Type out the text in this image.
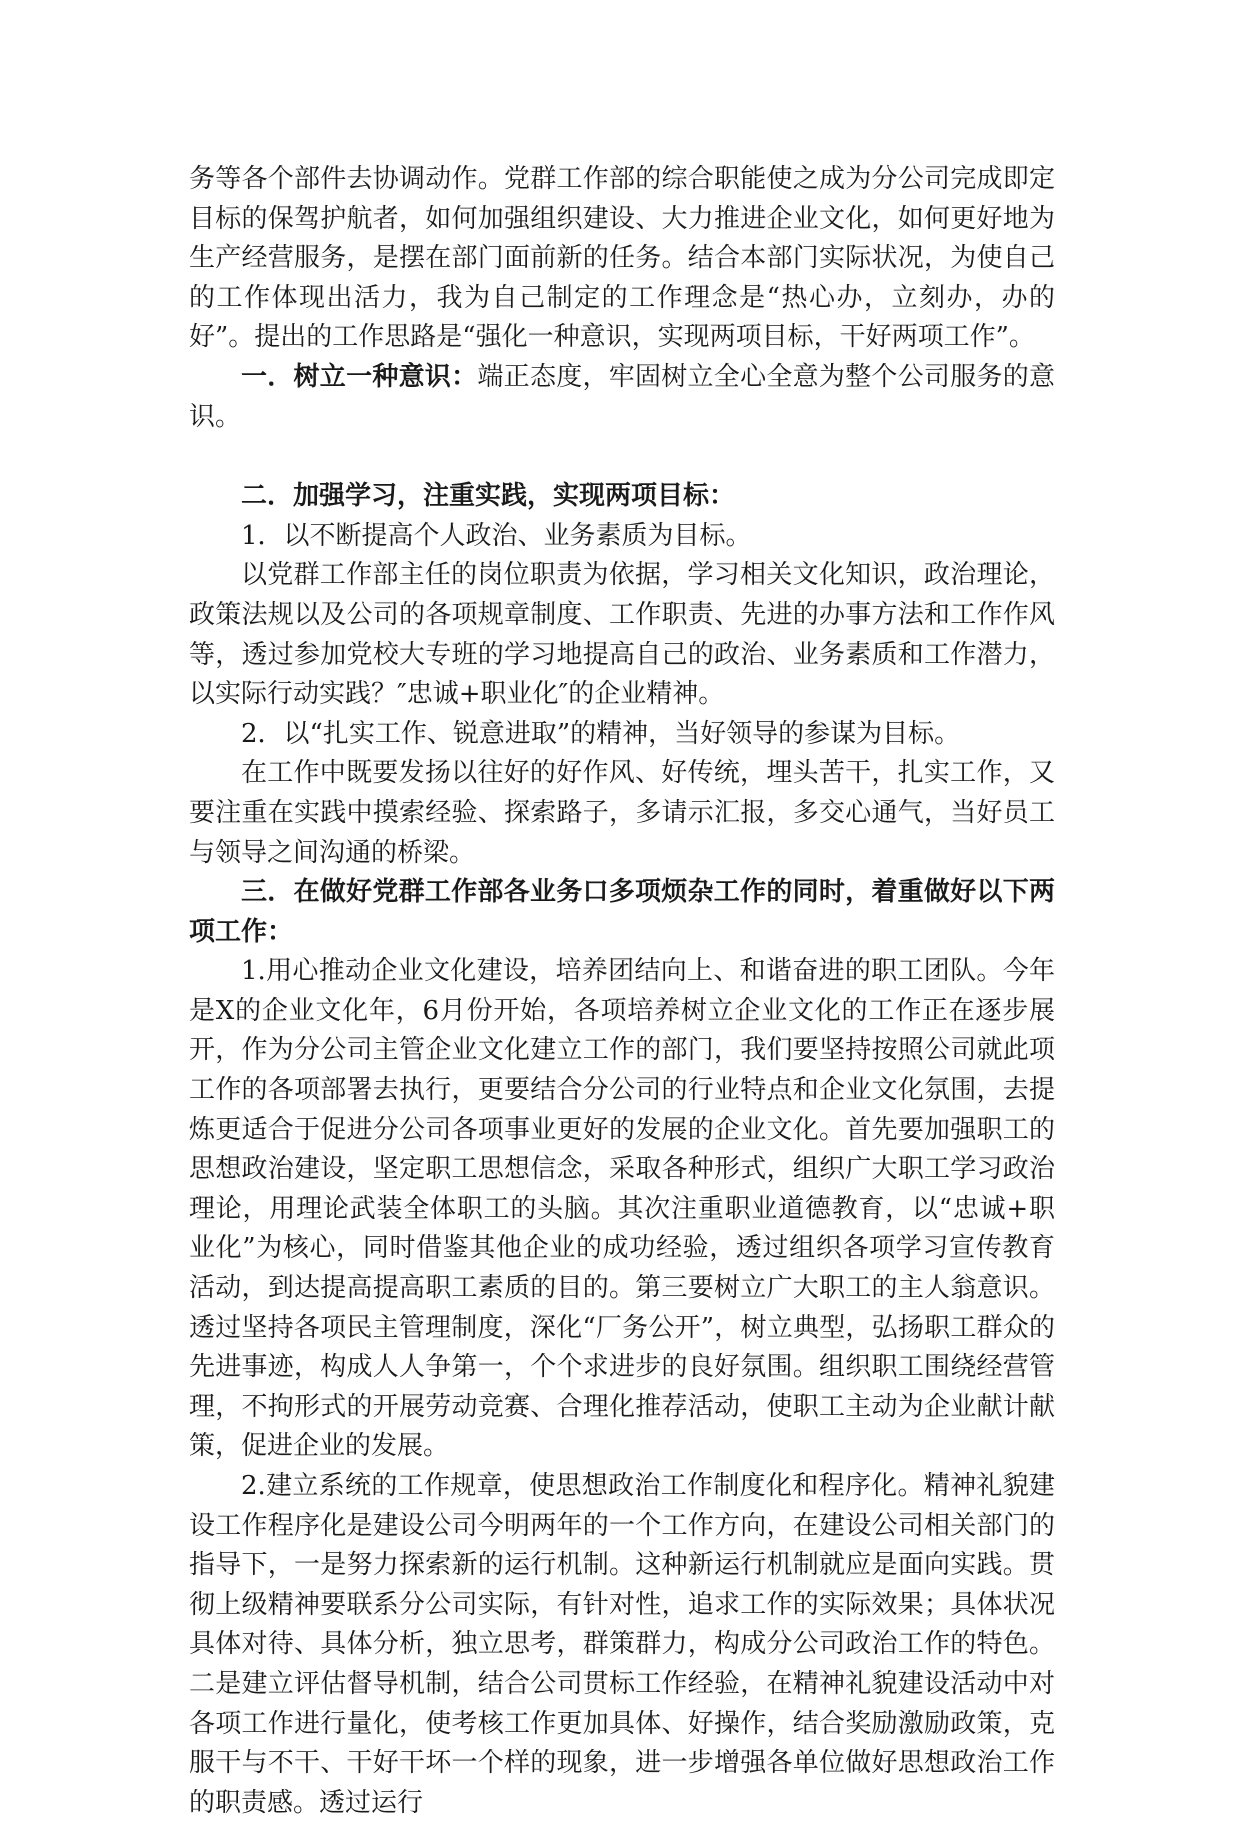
务等各个部件去协调动作。党群工作部的综合职能使之成为分公司完成即定目标的保驾护航者，如何加强组织建设、大力推进企业文化，如何更好地为生产经营服务，是摆在部门面前新的任务。结合本部门实际状况，为使自己的工作体现出活力，我为自己制定的工作理念是“热心办，立刻办，办的好”。提出的工作思路是“强化一种意识，实现两项目标，干好两项工作”。

一．树立一种意识：端正态度，牢固树立全心全意为整个公司服务的意识。

二．加强学习，注重实践，实现两项目标：

1．以不断提高个人政治、业务素质为目标。

以党群工作部主任的岗位职责为依据，学习相关文化知识，政治理论，政策法规以及公司的各项规章制度、工作职责、先进的办事方法和工作作风等，透过参加党校大专班的学习地提高自己的政治、业务素质和工作潜力，以实际行动实践？″忠诚+职业化″的企业精神。

2．以“扎实工作、锐意进取”的精神，当好领导的参谋为目标。

在工作中既要发扬以往好的好作风、好传统，埋头苦干，扎实工作，又要注重在实践中摸索经验、探索路子，多请示汇报，多交心通气，当好员工与领导之间沟通的桥梁。

三．在做好党群工作部各业务口多项烦杂工作的同时，着重做好以下两项工作：

1.用心推动企业文化建设，培养团结向上、和谐奋进的职工团队。今年是X的企业文化年，6月份开始，各项培养树立企业文化的工作正在逐步展开，作为分公司主管企业文化建立工作的部门，我们要坚持按照公司就此项工作的各项部署去执行，更要结合分公司的行业特点和企业文化氛围，去提炼更适合于促进分公司各项事业更好的发展的企业文化。首先要加强职工的思想政治建设，坚定职工思想信念，采取各种形式，组织广大职工学习政治理论，用理论武装全体职工的头脑。其次注重职业道德教育，以“忠诚+职业化”为核心，同时借鉴其他企业的成功经验，透过组织各项学习宣传教育活动，到达提高提高职工素质的目的。第三要树立广大职工的主人翁意识。透过坚持各项民主管理制度，深化“厂务公开”，树立典型，弘扬职工群众的先进事迹，构成人人争第一，个个求进步的良好氛围。组织职工围绕经营管理，不拘形式的开展劳动竞赛、合理化推荐活动，使职工主动为企业献计献策，促进企业的发展。

2.建立系统的工作规章，使思想政治工作制度化和程序化。精神礼貌建设工作程序化是建设公司今明两年的一个工作方向，在建设公司相关部门的指导下，一是努力探索新的运行机制。这种新运行机制就应是面向实践。贯彻上级精神要联系分公司实际，有针对性，追求工作的实际效果；具体状况具体对待、具体分析，独立思考，群策群力，构成分公司政治工作的特色。二是建立评估督导机制，结合公司贯标工作经验，在精神礼貌建设活动中对各项工作进行量化，使考核工作更加具体、好操作，结合奖励激励政策，克服干与不干、干好干坏一个样的现象，进一步增强各单位做好思想政治工作的职责感。透过运行
